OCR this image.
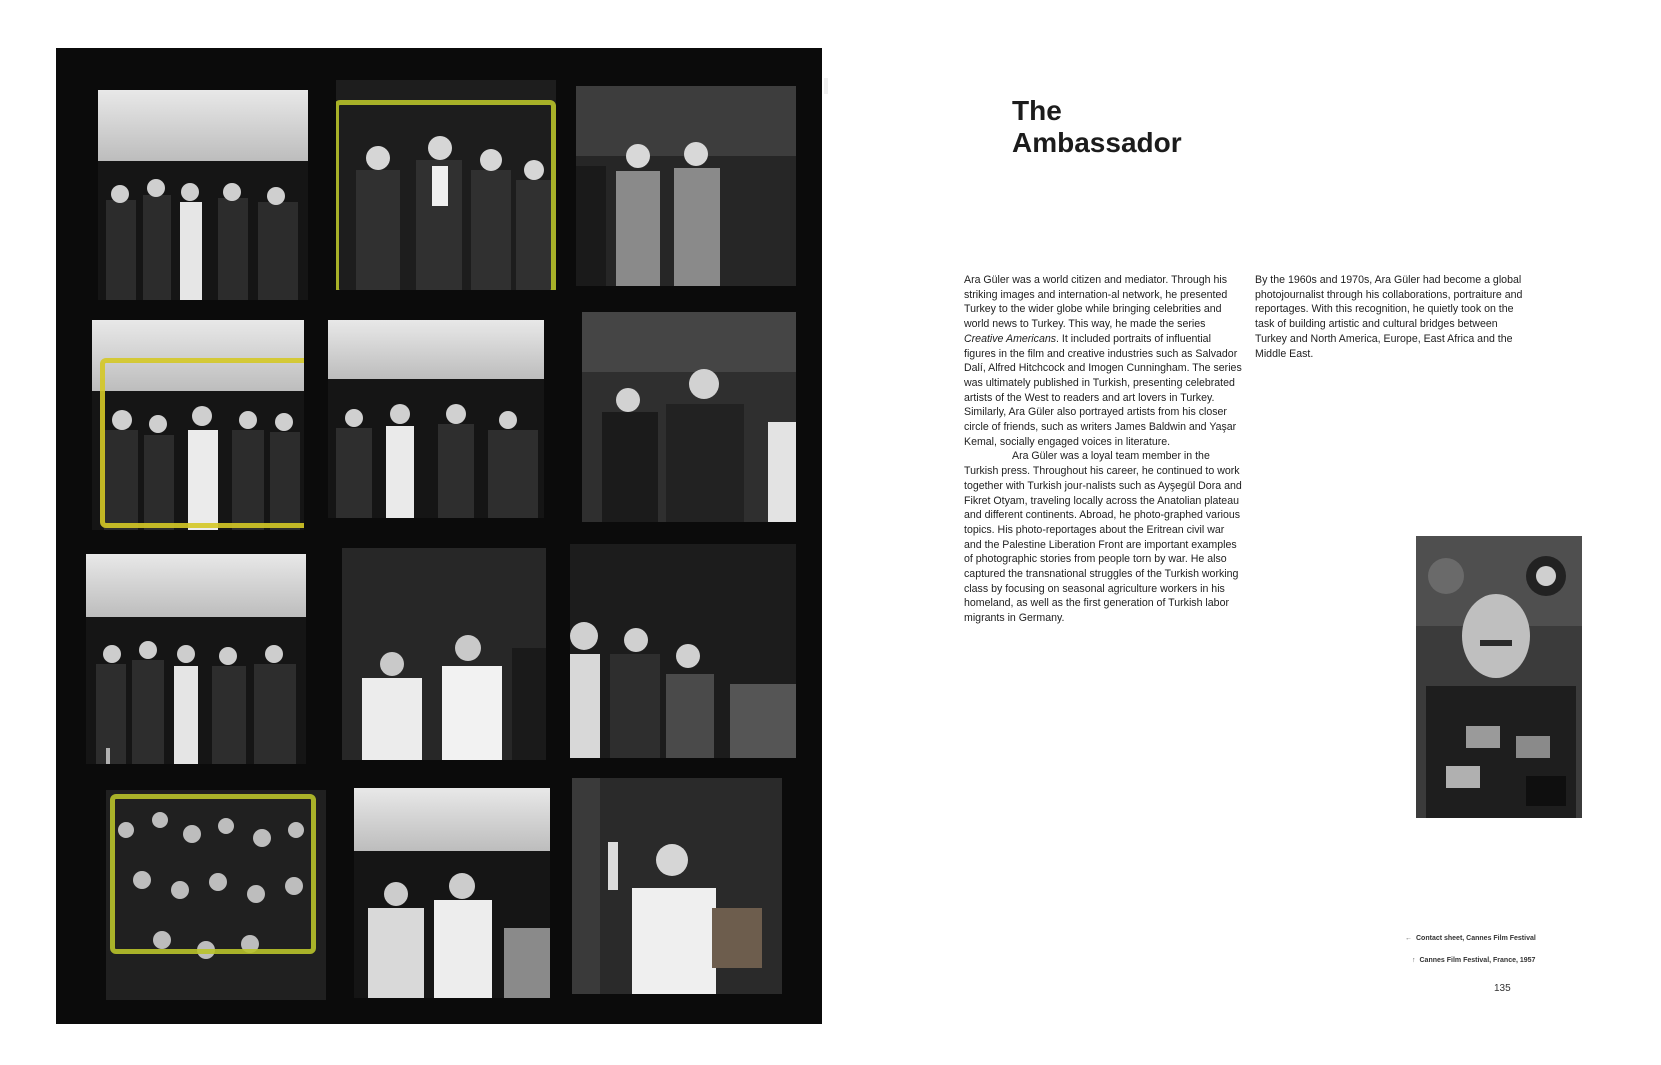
The
Ambassador

Ara Güler was a world citizen and mediator. Through his striking images and internation-al network, he presented Turkey to the wider globe while bringing celebrities and world news to Turkey. This way, he made the series Creative Americans. It included portraits of influential figures in the film and creative industries such as Salvador Dalí, Alfred Hitchcock and Imogen Cunningham. The series was ultimately published in Turkish, presenting celebrated artists of the West to readers and art lovers in Turkey. Similarly, Ara Güler also portrayed artists from his closer circle of friends, such as writers James Baldwin and Yaşar Kemal, socially engaged voices in literature.

Ara Güler was a loyal team member in the Turkish press. Throughout his career, he continued to work together with Turkish jour-nalists such as Ayşegül Dora and Fikret Otyam, traveling locally across the Anatolian plateau and different continents. Abroad, he photo-graphed various topics. His photo-reportages about the Eritrean civil war and the Palestine Liberation Front are important examples of photographic stories from people torn by war. He also captured the transnational struggles of the Turkish working class by focusing on seasonal agriculture workers in his homeland, as well as the first generation of Turkish labor migrants in Germany.

By the 1960s and 1970s, Ara Güler had become a global photojournalist through his collaborations, portraiture and reportages. With this recognition, he quietly took on the task of building artistic and cultural bridges between Turkey and North America, Europe, East Africa and the Middle East.

← Contact sheet, Cannes Film Festival
↑ Cannes Film Festival, France, 1957
135
